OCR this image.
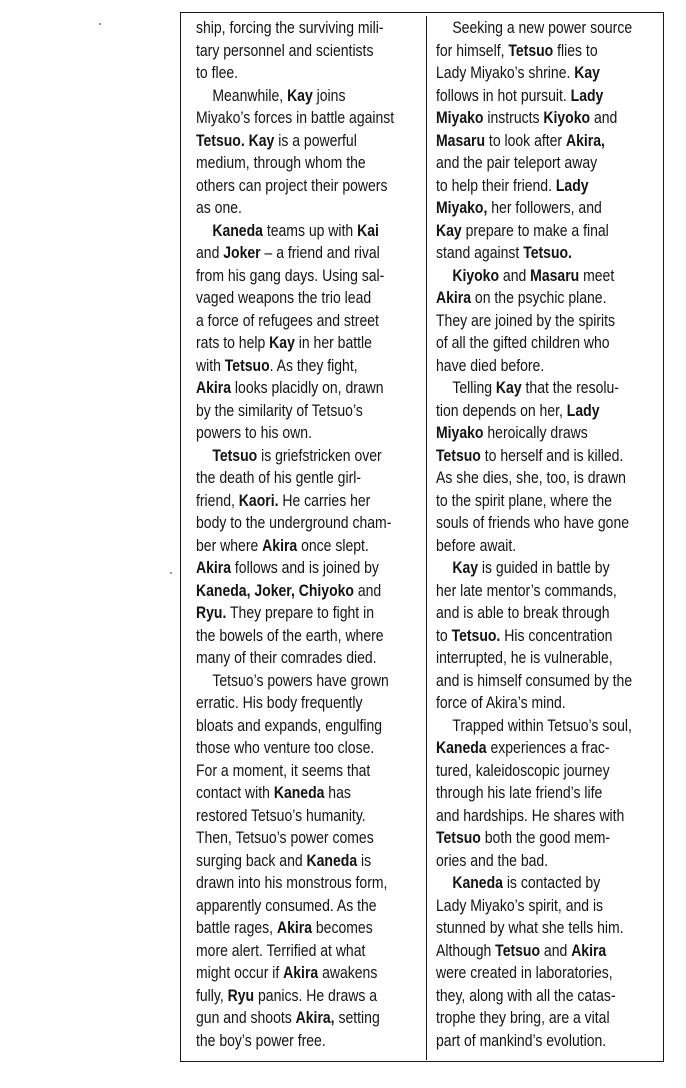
ship, forcing the surviving mili-
tary personnel and scientists
to flee.
Meanwhile, Kay joins
Miyako’s forces in battle against
Tetsuo. Kay is a powerful
medium, through whom the
others can project their powers
as one.
Kaneda teams up with Kai
and Joker – a friend and rival
from his gang days. Using sal-
vaged weapons the trio lead
a force of refugees and street
rats to help Kay in her battle
with Tetsuo. As they fight,
Akira looks placidly on, drawn
by the similarity of Tetsuo’s
powers to his own.
Tetsuo is griefstricken over
the death of his gentle girl-
friend, Kaori. He carries her
body to the underground cham-
ber where Akira once slept.
Akira follows and is joined by
Kaneda, Joker, Chiyoko and
Ryu. They prepare to fight in
the bowels of the earth, where
many of their comrades died.
Tetsuo’s powers have grown
erratic. His body frequently
bloats and expands, engulfing
those who venture too close.
For a moment, it seems that
contact with Kaneda has
restored Tetsuo’s humanity.
Then, Tetsuo’s power comes
surging back and Kaneda is
drawn into his monstrous form,
apparently consumed. As the
battle rages, Akira becomes
more alert. Terrified at what
might occur if Akira awakens
fully, Ryu panics. He draws a
gun and shoots Akira, setting
the boy’s power free.
Seeking a new power source
for himself, Tetsuo flies to
Lady Miyako’s shrine. Kay
follows in hot pursuit. Lady
Miyako instructs Kiyoko and
Masaru to look after Akira,
and the pair teleport away
to help their friend. Lady
Miyako, her followers, and
Kay prepare to make a final
stand against Tetsuo.
Kiyoko and Masaru meet
Akira on the psychic plane.
They are joined by the spirits
of all the gifted children who
have died before.
Telling Kay that the resolu-
tion depends on her, Lady
Miyako heroically draws
Tetsuo to herself and is killed.
As she dies, she, too, is drawn
to the spirit plane, where the
souls of friends who have gone
before await.
Kay is guided in battle by
her late mentor’s commands,
and is able to break through
to Tetsuo. His concentration
interrupted, he is vulnerable,
and is himself consumed by the
force of Akira’s mind.
Trapped within Tetsuo’s soul,
Kaneda experiences a frac-
tured, kaleidoscopic journey
through his late friend’s life
and hardships. He shares with
Tetsuo both the good mem-
ories and the bad.
Kaneda is contacted by
Lady Miyako’s spirit, and is
stunned by what she tells him.
Although Tetsuo and Akira
were created in laboratories,
they, along with all the catas-
trophe they bring, are a vital
part of mankind’s evolution.
